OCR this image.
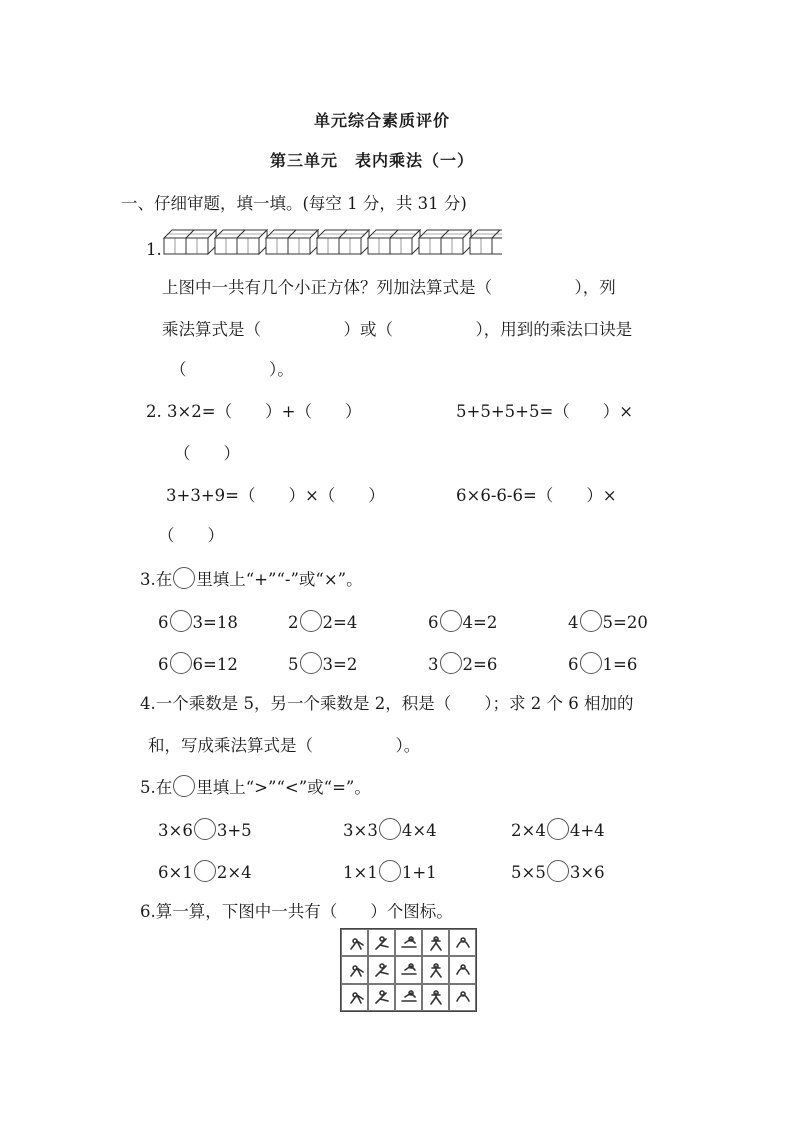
单元综合素质评价
第三单元　表内乘法（一）
一、仔细审题，填一填。(每空 1 分，共 31 分)
1.
上图中一共有几个小正方体？列加法算式是（　　　　　），列
乘法算式是（　　　　　）或（　　　　　），用到的乘法口诀是
（　　　　　）。
2. 3×2=（　　）+（　　）	5+5+5+5=（　　）×
（　　）
3+3+9=（　　）×（　　）	6×6-6-6=（　　）×
（　　）
3.在 里填上“+”“-”或“×”。
6 3=18	2 2=4	6 4=2	4 5=20
6 6=12	5 3=2	3 2=6	6 1=6
4.一个乘数是 5，另一个乘数是 2，积是（　　）；求 2 个 6 相加的
和，写成乘法算式是（　　　　　）。
5.在 里填上“>”“<”或“=”。
3×6 3+5	3×3 4×4	2×4 4+4
6×1 2×4	1×1 1+1	5×5 3×6
6.算一算，下图中一共有（　　）个图标。
